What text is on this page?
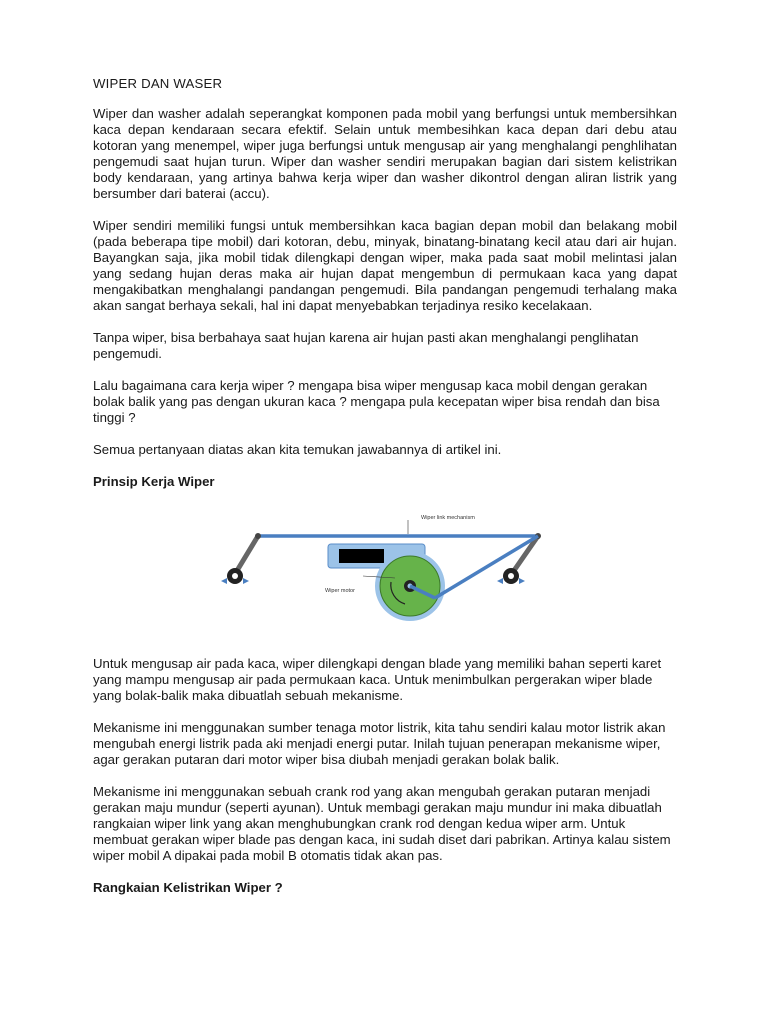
WIPER DAN WASER

Wiper dan washer adalah seperangkat komponen pada mobil yang berfungsi untuk membersihkan kaca depan kendaraan secara efektif. Selain untuk membesihkan kaca depan dari debu atau kotoran yang menempel, wiper juga berfungsi untuk mengusap air yang menghalangi penghlihatan pengemudi saat hujan turun. Wiper dan washer sendiri merupakan bagian dari sistem kelistrikan body kendaraan, yang artinya bahwa kerja wiper dan washer dikontrol dengan aliran listrik yang bersumber dari baterai (accu).

Wiper sendiri memiliki fungsi untuk membersihkan kaca bagian depan mobil dan belakang mobil (pada beberapa tipe mobil) dari kotoran, debu, minyak, binatang-binatang kecil atau dari air hujan. Bayangkan saja, jika mobil tidak dilengkapi dengan wiper, maka pada saat mobil melintasi jalan yang sedang hujan deras maka air hujan dapat mengembun di permukaan kaca yang dapat mengakibatkan menghalangi pandangan pengemudi. Bila pandangan pengemudi terhalang maka akan sangat berhaya sekali, hal ini dapat menyebabkan terjadinya resiko kecelakaan.

Tanpa wiper, bisa berbahaya saat hujan karena air hujan pasti akan menghalangi penglihatan pengemudi.

Lalu bagaimana cara kerja wiper ? mengapa bisa wiper mengusap kaca mobil dengan gerakan bolak balik yang pas dengan ukuran kaca ? mengapa pula kecepatan wiper bisa rendah dan bisa tinggi ?

Semua pertanyaan diatas akan kita temukan jawabannya di artikel ini.

Prinsip Kerja Wiper
Wiper link mechanism
Wiper motor

Untuk mengusap air pada kaca, wiper dilengkapi dengan blade yang memiliki bahan seperti karet yang mampu mengusap air pada permukaan kaca. Untuk menimbulkan pergerakan wiper blade yang bolak-balik maka dibuatlah sebuah mekanisme.

Mekanisme ini menggunakan sumber tenaga motor listrik, kita tahu sendiri kalau motor listrik akan mengubah energi listrik pada aki menjadi energi putar. Inilah tujuan penerapan mekanisme wiper, agar gerakan putaran dari motor wiper bisa diubah menjadi gerakan bolak balik.

Mekanisme ini menggunakan sebuah crank rod yang akan mengubah gerakan putaran menjadi gerakan maju mundur (seperti ayunan). Untuk membagi gerakan maju mundur ini maka dibuatlah rangkaian wiper link yang akan menghubungkan crank rod dengan kedua wiper arm. Untuk membuat gerakan wiper blade pas dengan kaca, ini sudah diset dari pabrikan. Artinya kalau sistem wiper mobil A dipakai pada mobil B otomatis tidak akan pas.

Rangkaian Kelistrikan Wiper ?
